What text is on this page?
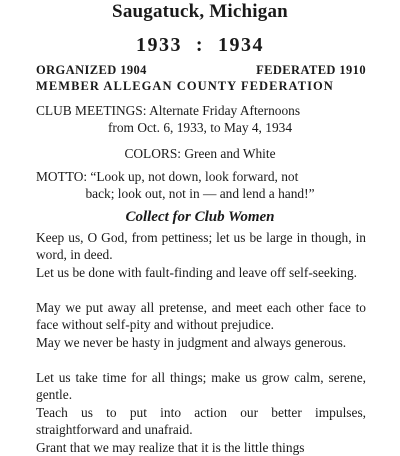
Saugatuck, Michigan
1933 : 1934
ORGANIZED 1904	FEDERATED 1910
MEMBER ALLEGAN COUNTY FEDERATION
CLUB MEETINGS: Alternate Friday Afternoons
from Oct. 6, 1933, to May 4, 1934
COLORS: Green and White
MOTTO: “Look up, not down, look forward, not
back; look out, not in — and lend a hand!”
Collect for Club Women

Keep us, O God, from pettiness; let us be large in though, in word, in deed.

Let us be done with fault-finding and leave off self-seeking.

May we put away all pretense, and meet each other face to face without self-pity and without prejudice.

May we never be hasty in judgment and always generous.

Let us take time for all things; make us grow calm, serene, gentle.

Teach us to put into action our better impulses, straightforward and unafraid.

Grant that we may realize that it is the little things
